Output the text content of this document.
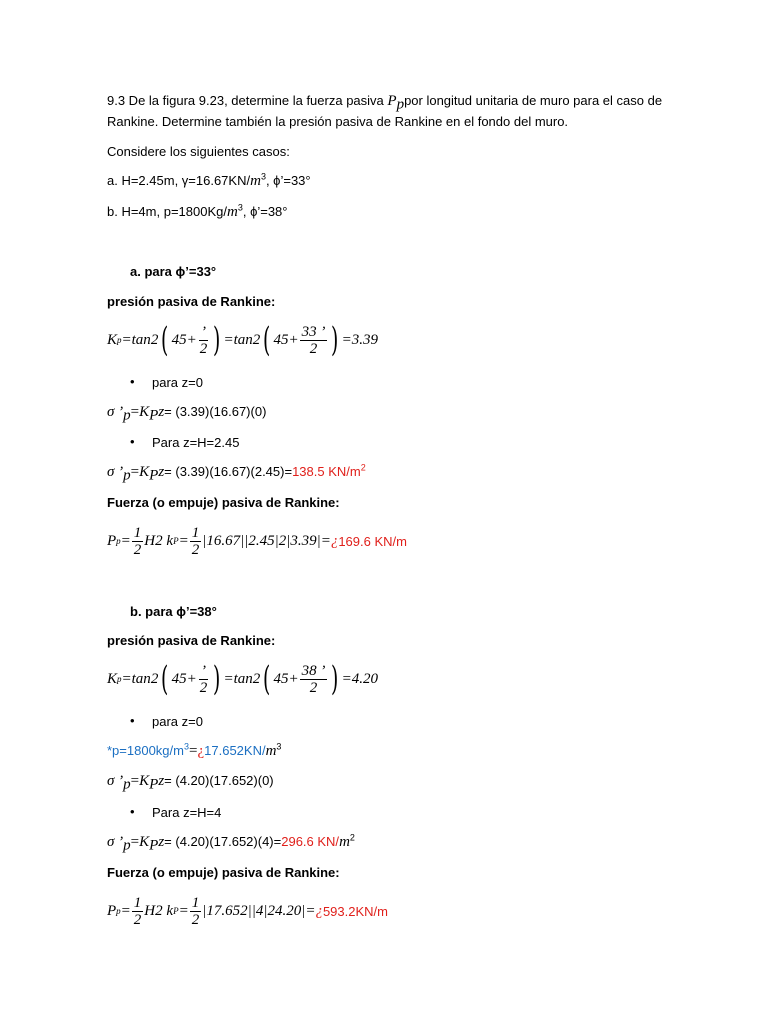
9.3 De la figura 9.23, determine la fuerza pasiva $P_ppor$ longitud unitaria de muro para el caso de
Rankine. Determine también la presión pasiva de Rankine en el fondo del muro.
Considere los siguientes casos:
a. H=2.45m, $\gamma=16.67KN/m^3$, ϕ’=33°
b. H=4m, $p=1800Kg/m^3$, ϕ’=38°
a. para ϕ’=33°
presión pasiva de Rankine:
K p = tan 2 ( $45 + \frac{’}{2}$ ) = tan 2 ( $45 + \frac{33 ’}{2}$ ) =3.39
• para z=0
σ $’_p=K_Pz= (3.39)(16.67)(0)$
• Para z=H=2.45
σ $’_p=K_Pz= (3.39)(16.67)(2.45)=138.5$ $KN/m^2$
Fuerza (o empuje) pasiva de Rankine:
P $p = \frac{1}{2}$ H 2
k $P = \frac{1}{2}$ | 16.67 | | 2.45 | 2 | 3.39 | = ¿ 169.6 KN/m
b. para ϕ’=38°
presión pasiva de Rankine:
K p = tan 2 ( $45 + \frac{’}{2}$ ) = tan 2 ( $45 + \frac{38 ’}{2}$ ) =4.20
• para z=0
$*p=1800kg/m^3=¿17.652KN/m^3$
σ $’_p=K_Pz= (4.20)(17.652)(0)$
• Para z=H=4
σ $’_p=K_Pz= (4.20)(17.652)(4)=296.6$ $KN/m^2$
Fuerza (o empuje) pasiva de Rankine:
P $p = \frac{1}{2}$ H 2
k $P = \frac{1}{2}$ | 17.652 | | 4 | 2 4.20 | = ¿ 593.2KN/m
